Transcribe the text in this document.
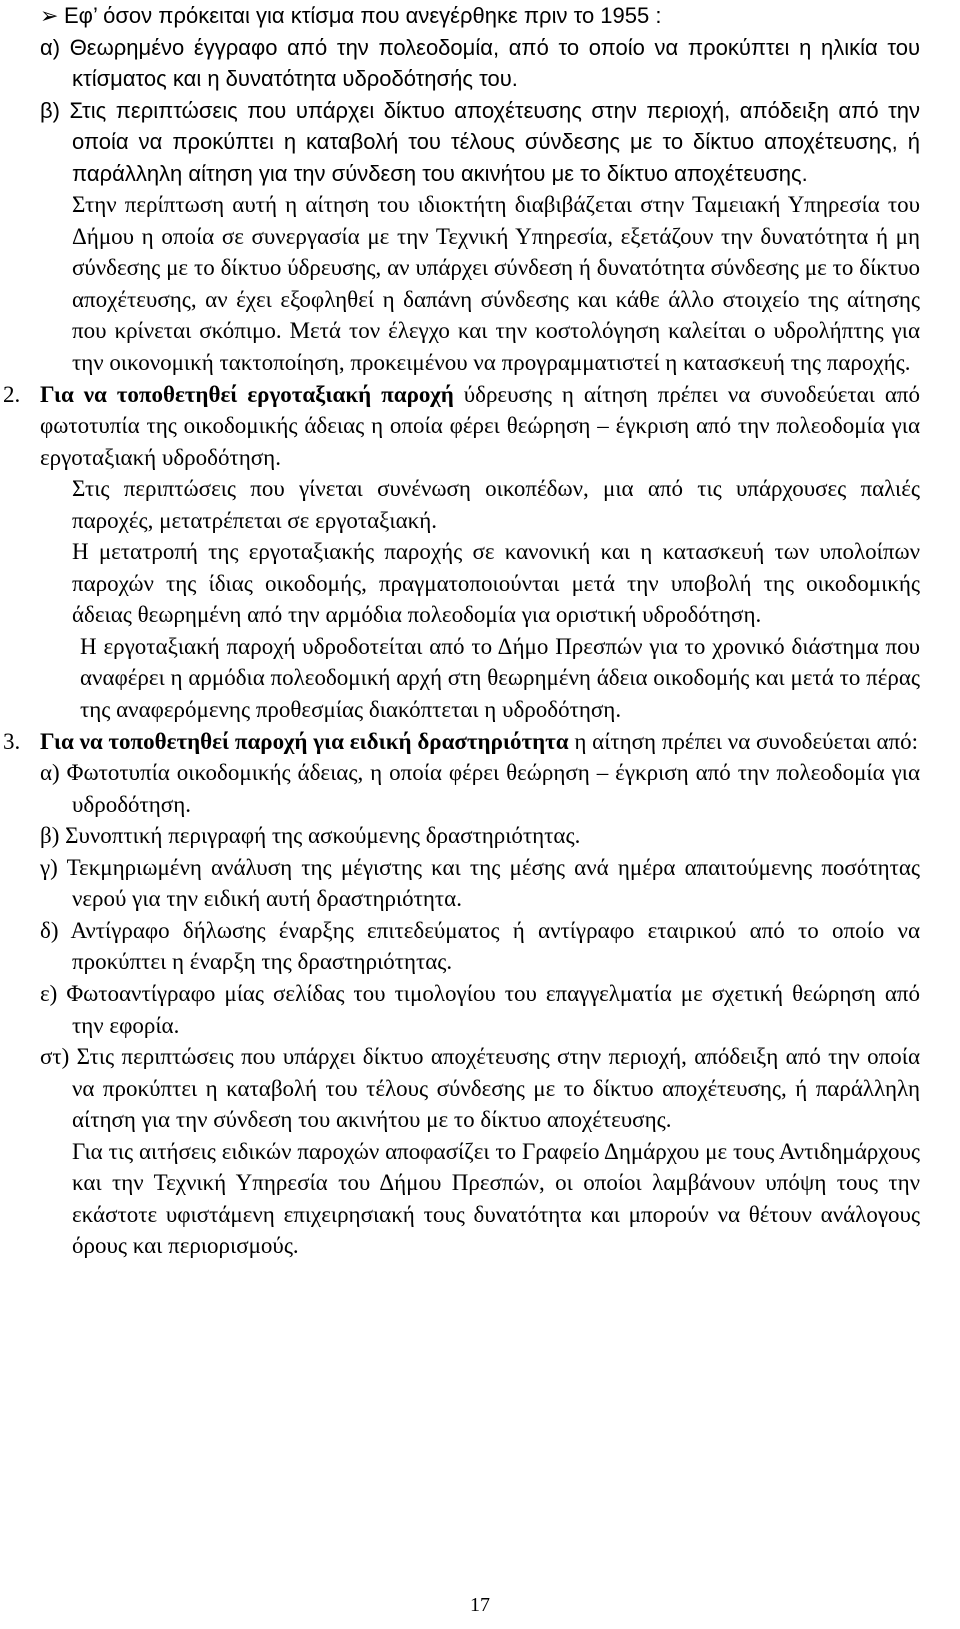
➢ Εφ’ όσον πρόκειται για κτίσμα που ανεγέρθηκε πριν το 1955 :

α) Θεωρημένο έγγραφο από την πολεοδομία, από το οποίο να προκύπτει η ηλικία του κτίσματος και η δυνατότητα υδροδότησής του.

β) Στις περιπτώσεις που υπάρχει δίκτυο αποχέτευσης στην περιοχή, απόδειξη από την οποία να προκύπτει η καταβολή του τέλους σύνδεσης με το δίκτυο αποχέτευσης, ή παράλληλη αίτηση για την σύνδεση του ακινήτου με το δίκτυο αποχέτευσης.

Στην περίπτωση αυτή η αίτηση του ιδιοκτήτη διαβιβάζεται στην Ταμειακή Υπηρεσία του Δήμου η οποία σε συνεργασία με την Τεχνική Υπηρεσία, εξετάζουν την δυνατότητα ή μη σύνδεσης με το δίκτυο ύδρευσης, αν υπάρχει σύνδεση ή δυνατότητα σύνδεσης με το δίκτυο αποχέτευσης, αν έχει εξοφληθεί η δαπάνη σύνδεσης και κάθε άλλο στοιχείο της αίτησης που κρίνεται σκόπιμο. Μετά τον έλεγχο και την κοστολόγηση καλείται ο υδρολήπτης για την οικονομική τακτοποίηση, προκειμένου να προγραμματιστεί η κατασκευή της παροχής.

2. Για να τοποθετηθεί εργοταξιακή παροχή ύδρευσης η αίτηση πρέπει να συνοδεύεται από φωτοτυπία της οικοδομικής άδειας η οποία φέρει θεώρηση – έγκριση από την πολεοδομία για εργοταξιακή υδροδότηση.

Στις περιπτώσεις που γίνεται συνένωση οικοπέδων, μια από τις υπάρχουσες παλιές παροχές, μετατρέπεται σε εργοταξιακή.

Η μετατροπή της εργοταξιακής παροχής σε κανονική και η κατασκευή των υπολοίπων παροχών της ίδιας οικοδομής, πραγματοποιούνται μετά την υποβολή της οικοδομικής άδειας θεωρημένη από την αρμόδια πολεοδομία για οριστική υδροδότηση.

Η εργοταξιακή παροχή υδροδοτείται από το Δήμο Πρεσπών για το χρονικό διάστημα που αναφέρει η αρμόδια πολεοδομική αρχή στη θεωρημένη άδεια οικοδομής και μετά το πέρας της αναφερόμενης προθεσμίας διακόπτεται η υδροδότηση.

3. Για να τοποθετηθεί παροχή για ειδική δραστηριότητα η αίτηση πρέπει να συνοδεύεται από:

α) Φωτοτυπία οικοδομικής άδειας, η οποία φέρει θεώρηση – έγκριση από την πολεοδομία για υδροδότηση.

β) Συνοπτική περιγραφή της ασκούμενης δραστηριότητας.

γ) Τεκμηριωμένη ανάλυση της μέγιστης και της μέσης ανά ημέρα απαιτούμενης ποσότητας νερού για την ειδική αυτή δραστηριότητα.

δ) Αντίγραφο δήλωσης έναρξης επιτεδεύματος ή αντίγραφο εταιρικού από το οποίο να προκύπτει η έναρξη της δραστηριότητας.

ε) Φωτοαντίγραφο μίας σελίδας του τιμολογίου του επαγγελματία με σχετική θεώρηση από την εφορία.

στ) Στις περιπτώσεις που υπάρχει δίκτυο αποχέτευσης στην περιοχή, απόδειξη από την οποία να προκύπτει η καταβολή του τέλους σύνδεσης με το δίκτυο αποχέτευσης, ή παράλληλη αίτηση για την σύνδεση του ακινήτου με το δίκτυο αποχέτευσης.

Για τις αιτήσεις ειδικών παροχών αποφασίζει το Γραφείο Δημάρχου με τους Αντιδημάρχους και την Τεχνική Υπηρεσία του Δήμου Πρεσπών, οι οποίοι λαμβάνουν υπόψη τους την εκάστοτε υφιστάμενη επιχειρησιακή τους δυνατότητα και μπορούν να θέτουν ανάλογους όρους και περιορισμούς.

17
